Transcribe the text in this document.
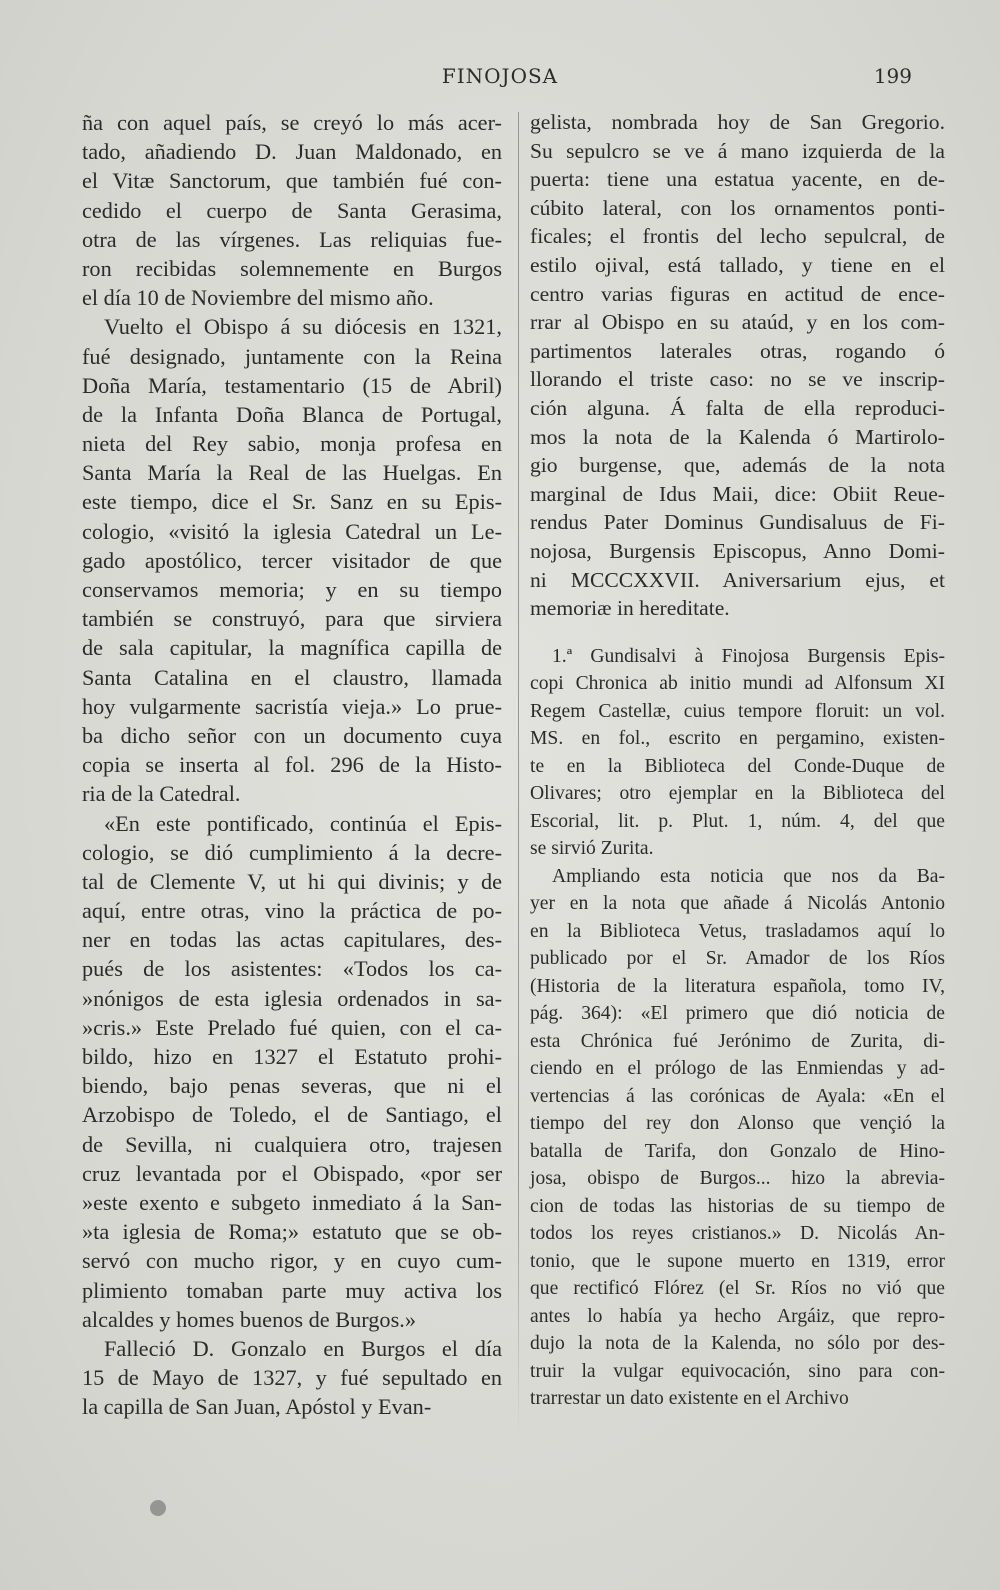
FINOJOSA	199
ña con aquel país, se creyó lo más acer-
tado, añadiendo D. Juan Maldonado, en
el Vitæ Sanctorum, que también fué con-
cedido el cuerpo de Santa Gerasima,
otra de las vírgenes. Las reliquias fue-
ron recibidas solemnemente en Burgos
el día 10 de Noviembre del mismo año.
Vuelto el Obispo á su diócesis en 1321,
fué designado, juntamente con la Reina
Doña María, testamentario (15 de Abril)
de la Infanta Doña Blanca de Portugal,
nieta del Rey sabio, monja profesa en
Santa María la Real de las Huelgas. En
este tiempo, dice el Sr. Sanz en su Epis-
cologio, «visitó la iglesia Catedral un Le-
gado apostólico, tercer visitador de que
conservamos memoria; y en su tiempo
también se construyó, para que sirviera
de sala capitular, la magnífica capilla de
Santa Catalina en el claustro, llamada
hoy vulgarmente sacristía vieja.» Lo prue-
ba dicho señor con un documento cuya
copia se inserta al fol. 296 de la Histo-
ria de la Catedral.
«En este pontificado, continúa el Epis-
cologio, se dió cumplimiento á la decre-
tal de Clemente V, ut hi qui divinis; y de
aquí, entre otras, vino la práctica de po-
ner en todas las actas capitulares, des-
pués de los asistentes: «Todos los ca-
»nónigos de esta iglesia ordenados in sa-
»cris.» Este Prelado fué quien, con el ca-
bildo, hizo en 1327 el Estatuto prohi-
biendo, bajo penas severas, que ni el
Arzobispo de Toledo, el de Santiago, el
de Sevilla, ni cualquiera otro, trajesen
cruz levantada por el Obispado, «por ser
»este exento e subgeto inmediato á la San-
»ta iglesia de Roma;» estatuto que se ob-
servó con mucho rigor, y en cuyo cum-
plimiento tomaban parte muy activa los
alcaldes y homes buenos de Burgos.»
Falleció D. Gonzalo en Burgos el día
15 de Mayo de 1327, y fué sepultado en
la capilla de San Juan, Apóstol y Evan-
gelista, nombrada hoy de San Gregorio.
Su sepulcro se ve á mano izquierda de la
puerta: tiene una estatua yacente, en de-
cúbito lateral, con los ornamentos ponti-
ficales; el frontis del lecho sepulcral, de
estilo ojival, está tallado, y tiene en el
centro varias figuras en actitud de ence-
rrar al Obispo en su ataúd, y en los com-
partimentos laterales otras, rogando ó
llorando el triste caso: no se ve inscrip-
ción alguna. Á falta de ella reproduci-
mos la nota de la Kalenda ó Martirolo-
gio burgense, que, además de la nota
marginal de Idus Maii, dice: Obiit Reue-
rendus Pater Dominus Gundisaluus de Fi-
nojosa, Burgensis Episcopus, Anno Domi-
ni MCCCXXVII. Aniversarium ejus, et
memoriæ in hereditate.
1.ª Gundisalvi à Finojosa Burgensis Epis-
copi Chronica ab initio mundi ad Alfonsum XI
Regem Castellæ, cuius tempore floruit: un vol.
MS. en fol., escrito en pergamino, existen-
te en la Biblioteca del Conde-Duque de
Olivares; otro ejemplar en la Biblioteca del
Escorial, lit. p. Plut. 1, núm. 4, del que
se sirvió Zurita.
Ampliando esta noticia que nos da Ba-
yer en la nota que añade á Nicolás Antonio
en la Biblioteca Vetus, trasladamos aquí lo
publicado por el Sr. Amador de los Ríos
(Historia de la literatura española, tomo IV,
pág. 364): «El primero que dió noticia de
esta Chrónica fué Jerónimo de Zurita, di-
ciendo en el prólogo de las Enmiendas y ad-
vertencias á las corónicas de Ayala: «En el
tiempo del rey don Alonso que vençió la
batalla de Tarifa, don Gonzalo de Hino-
josa, obispo de Burgos... hizo la abrevia-
cion de todas las historias de su tiempo de
todos los reyes cristianos.» D. Nicolás An-
tonio, que le supone muerto en 1319, error
que rectificó Flórez (el Sr. Ríos no vió que
antes lo había ya hecho Argáiz, que repro-
dujo la nota de la Kalenda, no sólo por des-
truir la vulgar equivocación, sino para con-
trarrestar un dato existente en el Archivo
